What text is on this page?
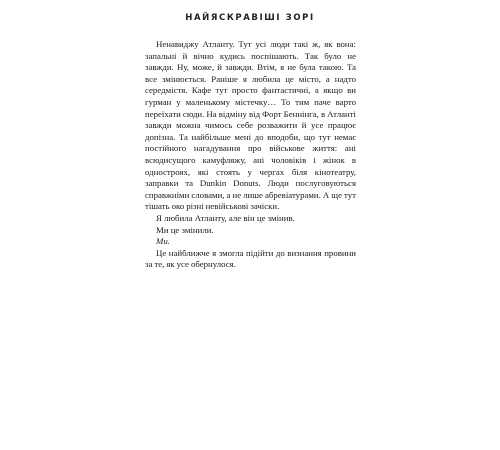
НАЙЯСКРАВІШІ ЗОРІ

Ненавиджу Атланту. Тут усі люди такі ж, як вона: запальні й вічно кудись поспішають. Так було не завжди. Ну, може, й завжди. Втім, я не була такою. Та все змінюється. Раніше я любила це місто, а надто середмістя. Кафе тут просто фантастичні, а якщо ви гурман у маленькому містечку… То тим паче варто переїхати сюди. На відміну від Форт Беннінга, в Атланті завжди можна чимось себе розважити й усе працює допізна. Та найбільше мені до вподоби, що тут немає постійного нагадування про військове життя: ані всюдисущого камуфляжу, ані чоловіків і жінок в одностроях, які стоять у чергах біля кінотеатру, заправки та Dunkin Donuts. Люди послуговуються справжніми словами, а не лише абревіатурами. А ще тут тішать око різні невійськові зачіски.

Я любила Атланту, але він це змінив.

Ми це змінили.

Ми.

Це найближче я змогла підійти до визнання провини за те, як усе обернулося.
